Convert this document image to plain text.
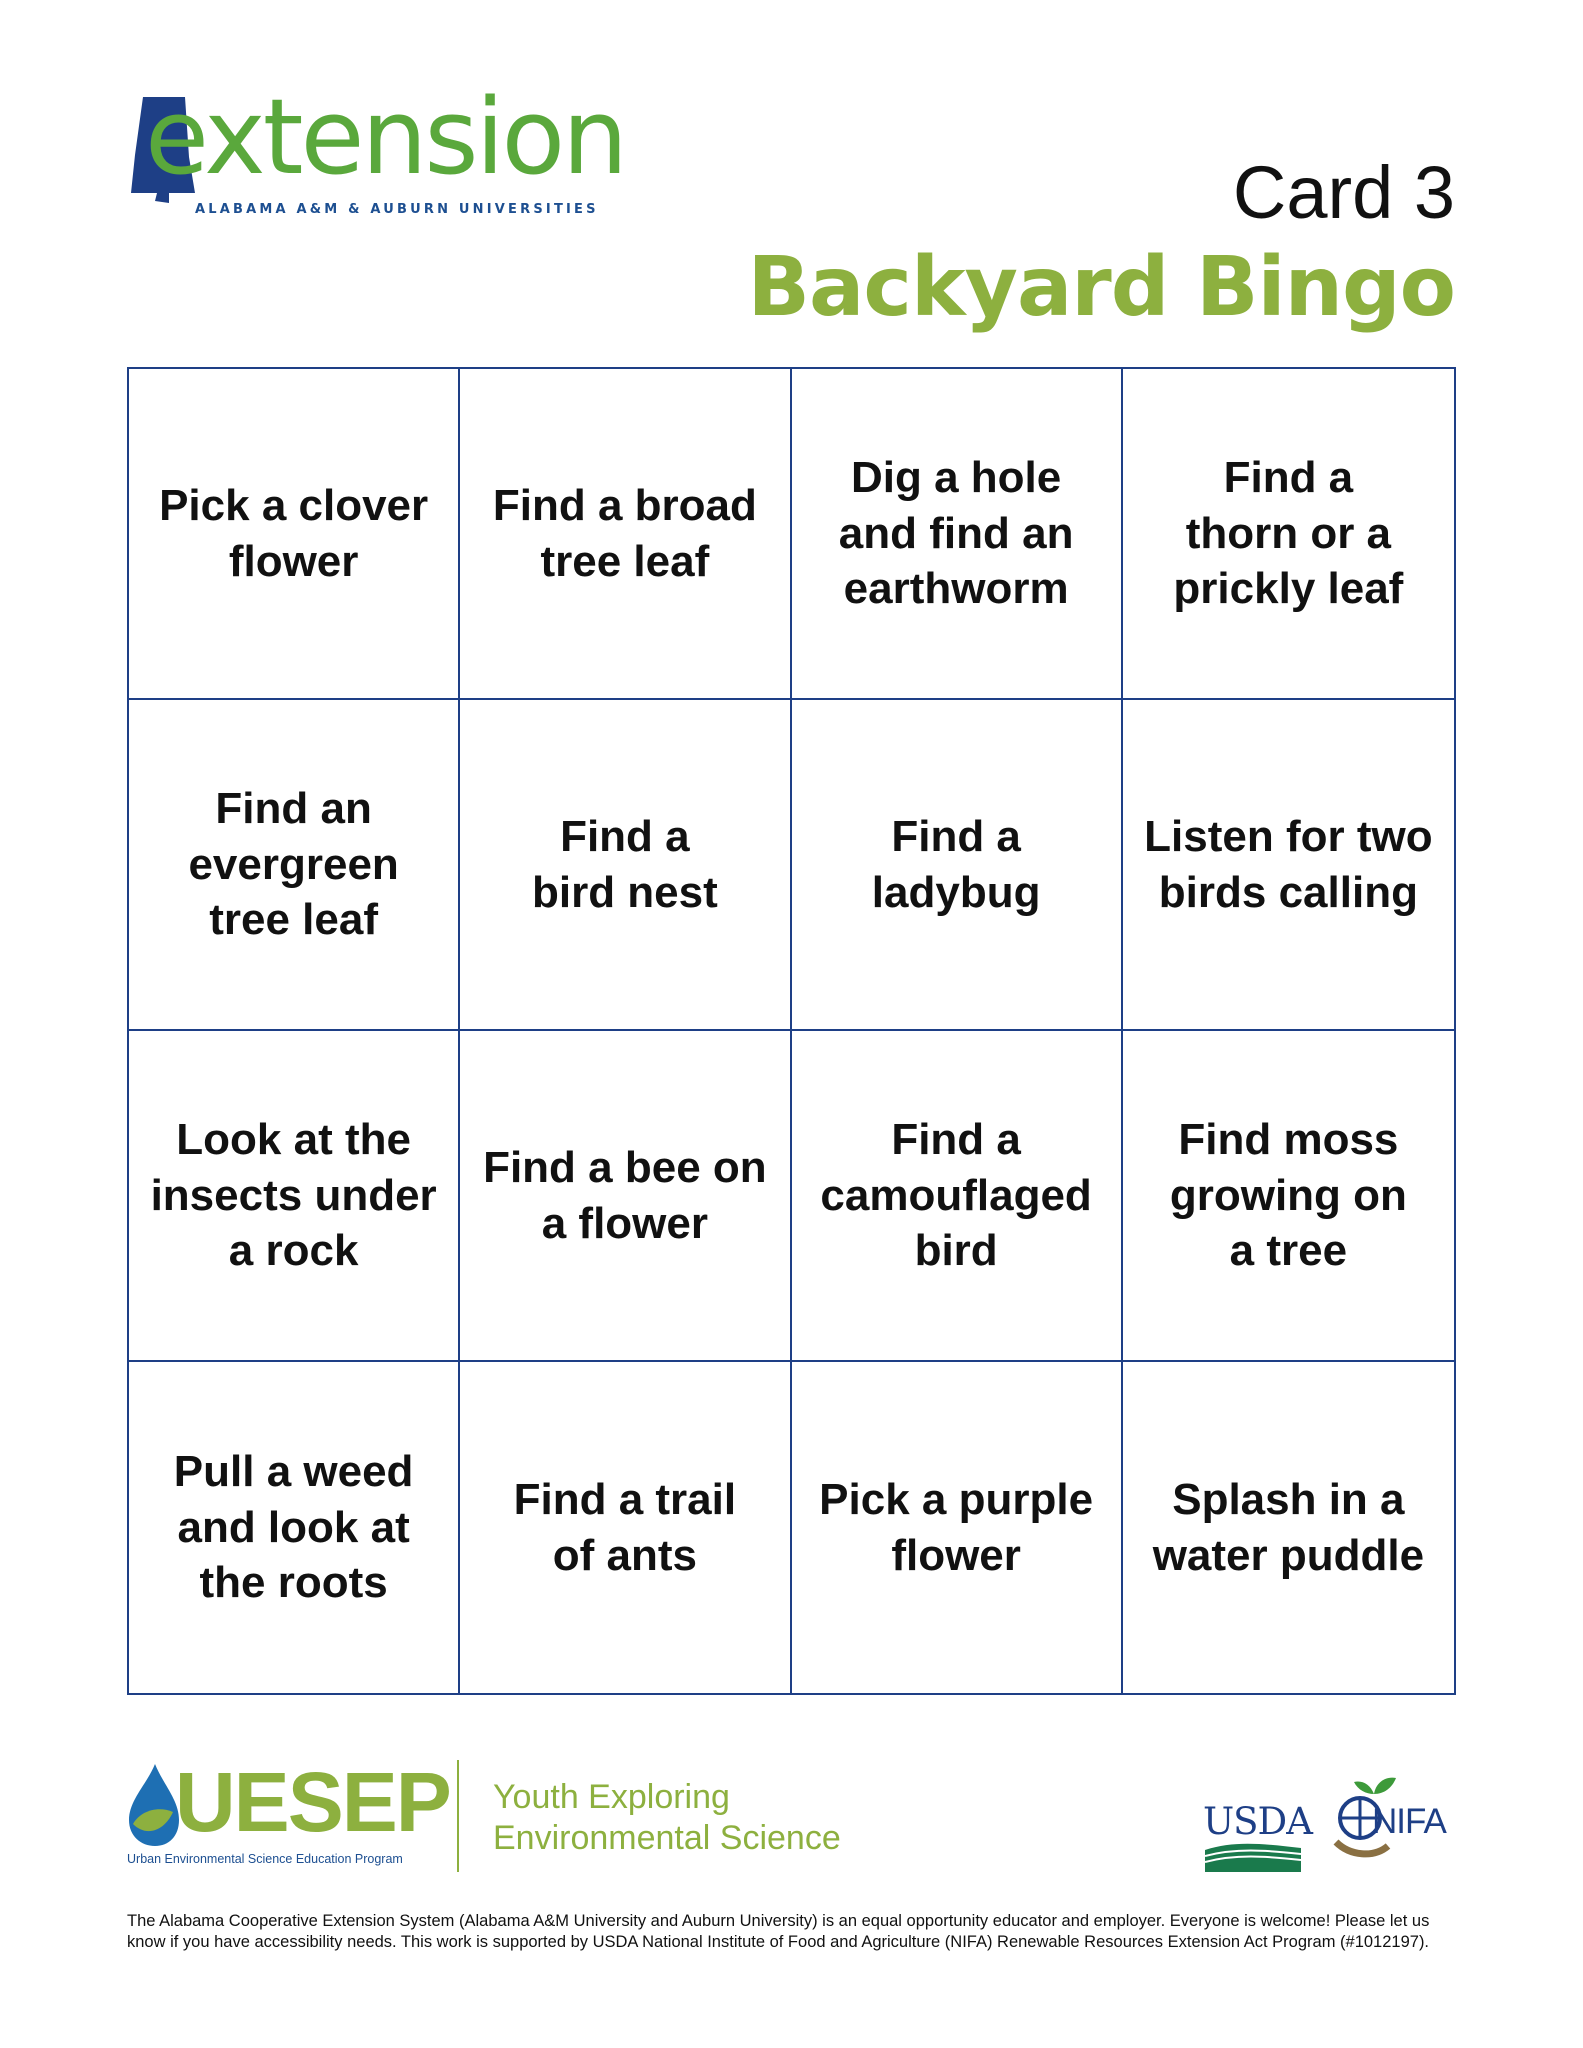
extension
ALABAMA A&M & AUBURN UNIVERSITIES	Card 3
Backyard Bingo
Pick a clover
flower
Find a broad
tree leaf
Dig a hole
and find an
earthworm
Find a
thorn or a
prickly leaf
Find an
evergreen
tree leaf
Find a
bird nest
Find a
ladybug
Listen for two
birds calling
Look at the
insects under
a rock
Find a bee on
a flower
Find a
camouflaged
bird
Find moss
growing on
a tree
Pull a weed
and look at
the roots
Find a trail
of ants
Pick a purple
flower
Splash in a
water puddle
UESEP
Urban Environmental Science Education Program
Youth Exploring
Environmental Science	USDA NIFA
The Alabama Cooperative Extension System (Alabama A&M University and Auburn University) is an equal opportunity educator and employer. Everyone is welcome! Please let us know if you have accessibility needs. This work is supported by USDA National Institute of Food and Agriculture (NIFA) Renewable Resources Extension Act Program (#1012197).
